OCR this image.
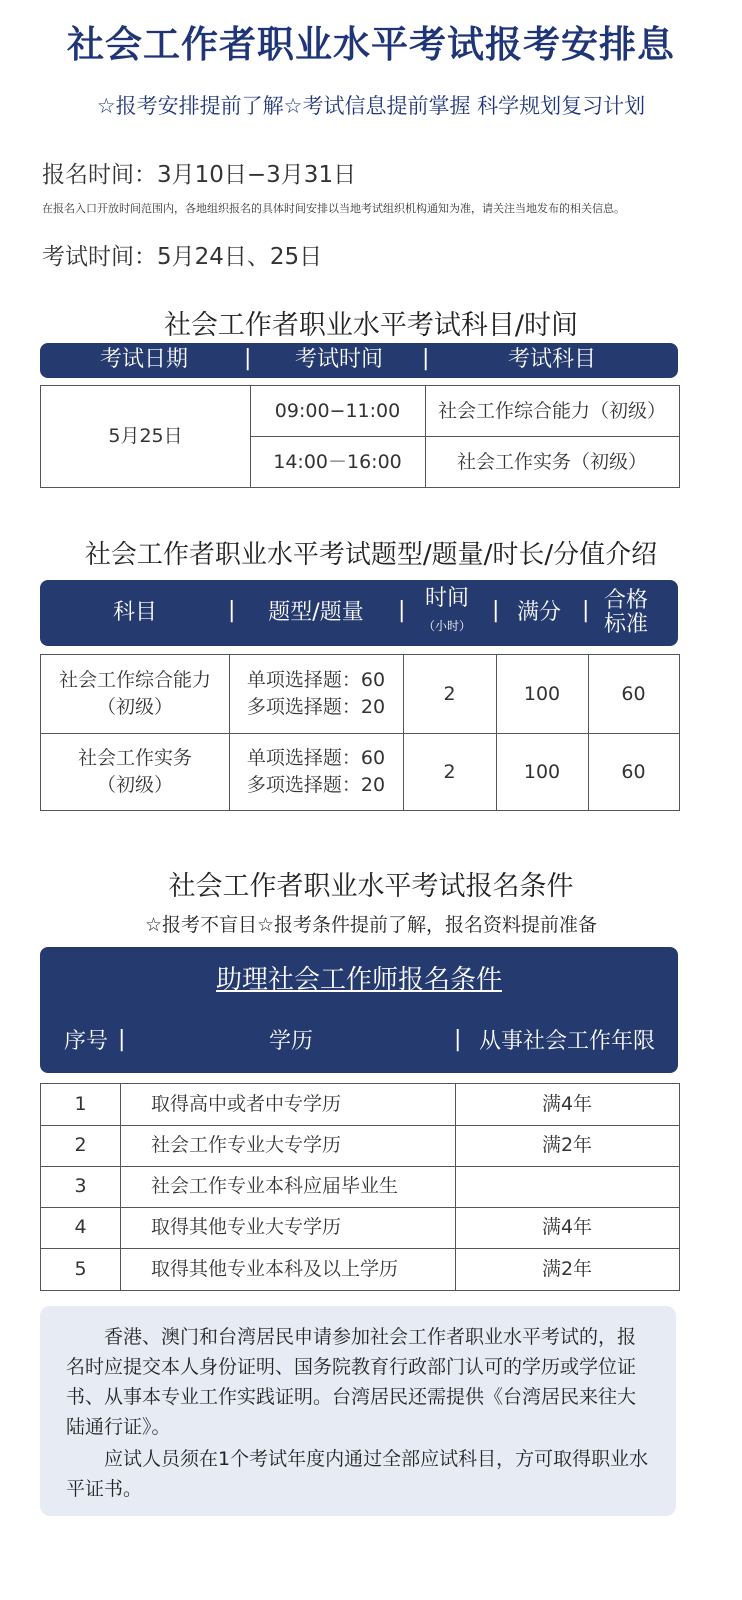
社会工作者职业水平考试报考安排息
☆报考安排提前了解☆考试信息提前掌握 科学规划复习计划
报名时间：3月10日−3月31日
在报名入口开放时间范围内，各地组织报名的具体时间安排以当地考试组织机构通知为准，请关注当地发布的相关信息。
考试时间：5月24日、25日
社会工作者职业水平考试科目/时间
考试日期	|	考试时间	|	考试科目
5月25日
09:00−11:00	社会工作综合能力（初级）
14:00－16:00	社会工作实务（初级）
社会工作者职业水平考试题型/题量/时长/分值介绍
科目	|	题型/题量	| 时间
（小时）
| 满分 | 合格标准
社会工作综合能力
（初级）
单项选择题：60
多项选择题：20
2	100	60
社会工作实务
（初级）
单项选择题：60
多项选择题：20
2	100	60
社会工作者职业水平考试报名条件
☆报考不盲目☆报考条件提前了解，报名资料提前准备
助理社会工作师报名条件
序号 |	学历	| 从事社会工作年限
1	取得高中或者中专学历	满4年
2	社会工作专业大专学历	满2年
3	社会工作专业本科应届毕业生
4	取得其他专业大专学历	满4年
5	取得其他专业本科及以上学历	满2年

香港、澳门和台湾居民申请参加社会工作者职业水平考试的，报名时应提交本人身份证明、国务院教育行政部门认可的学历或学位证书、从事本专业工作实践证明。台湾居民还需提供《台湾居民来往大陆通行证》。

应试人员须在1个考试年度内通过全部应试科目，方可取得职业水平证书。
